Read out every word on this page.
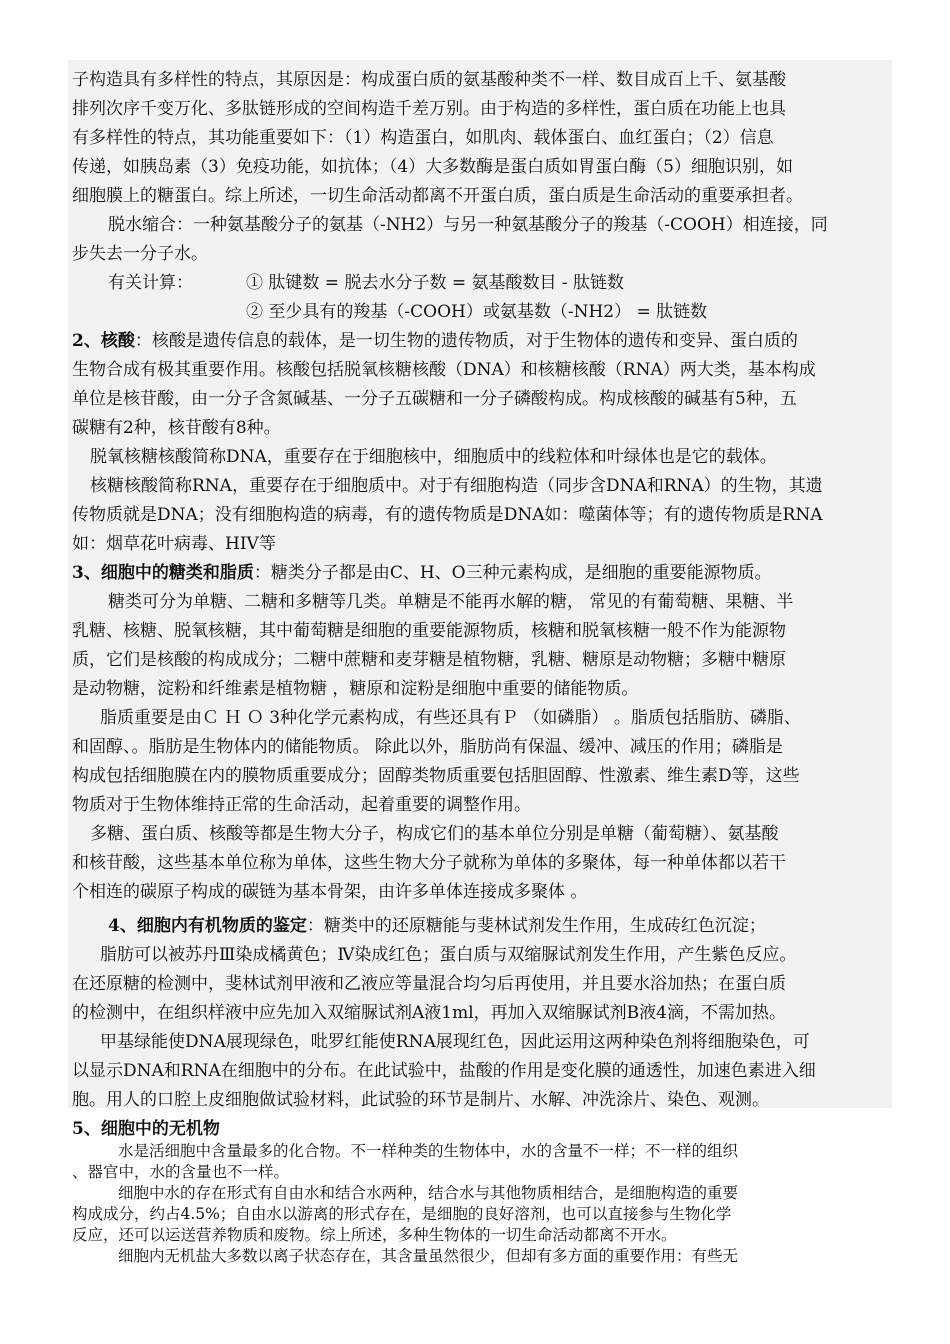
子构造具有多样性的特点，其原因是：构成蛋白质的氨基酸种类不一样、数目成百上千、氨基酸
排列次序千变万化、多肽链形成的空间构造千差万别。由于构造的多样性，蛋白质在功能上也具
有多样性的特点，其功能重要如下：（1）构造蛋白，如肌肉、载体蛋白、血红蛋白；（2）信息
传递，如胰岛素（3）免疫功能，如抗体；（4）大多数酶是蛋白质如胃蛋白酶（5）细胞识别，如
细胞膜上的糖蛋白。综上所述，一切生命活动都离不开蛋白质，蛋白质是生命活动的重要承担者。
脱水缩合：一种氨基酸分子的氨基（-NH2）与另一种氨基酸分子的羧基（-COOH）相连接，同
步失去一分子水。
有关计算：	① 肽键数 = 脱去水分子数 = 氨基酸数目 - 肽链数
② 至少具有的羧基（-COOH）或氨基数（-NH2） = 肽链数
2、核酸：核酸是遗传信息的载体，是一切生物的遗传物质，对于生物体的遗传和变异、蛋白质的
生物合成有极其重要作用。核酸包括脱氧核糖核酸（DNA）和核糖核酸（RNA）两大类，基本构成
单位是核苷酸，由一分子含氮碱基、一分子五碳糖和一分子磷酸构成。构成核酸的碱基有5种，五
碳糖有2种，核苷酸有8种。
脱氧核糖核酸简称DNA，重要存在于细胞核中，细胞质中的线粒体和叶绿体也是它的载体。
核糖核酸简称RNA，重要存在于细胞质中。对于有细胞构造（同步含DNA和RNA）的生物，其遗
传物质就是DNA；没有细胞构造的病毒，有的遗传物质是DNA如：噬菌体等；有的遗传物质是RNA
如：烟草花叶病毒、HIV等
3、细胞中的糖类和脂质：糖类分子都是由C、H、O三种元素构成，是细胞的重要能源物质。
糖类可分为单糖、二糖和多糖等几类。单糖是不能再水解的糖， 常见的有葡萄糖、果糖、半
乳糖、核糖、脱氧核糖，其中葡萄糖是细胞的重要能源物质，核糖和脱氧核糖一般不作为能源物
质，它们是核酸的构成成分；二糖中蔗糖和麦芽糖是植物糖，乳糖、糖原是动物糖；多糖中糖原
是动物糖，淀粉和纤维素是植物糖 ，糖原和淀粉是细胞中重要的储能物质。
脂质重要是由Ｃ Ｈ Ｏ 3种化学元素构成，有些还具有Ｐ （如磷脂） 。脂质包括脂肪、磷脂、
和固醇、。脂肪是生物体内的储能物质。 除此以外，脂肪尚有保温、缓冲、减压的作用；磷脂是
构成包括细胞膜在内的膜物质重要成分；固醇类物质重要包括胆固醇、性激素、维生素D等，这些
物质对于生物体维持正常的生命活动，起着重要的调整作用。
多糖、蛋白质、核酸等都是生物大分子，构成它们的基本单位分别是单糖（葡萄糖）、氨基酸
和核苷酸，这些基本单位称为单体，这些生物大分子就称为单体的多聚体，每一种单体都以若干
个相连的碳原子构成的碳链为基本骨架，由许多单体连接成多聚体 。
4、细胞内有机物质的鉴定：糖类中的还原糖能与斐林试剂发生作用，生成砖红色沉淀；
脂肪可以被苏丹Ⅲ染成橘黄色；Ⅳ染成红色；蛋白质与双缩脲试剂发生作用，产生紫色反应。
在还原糖的检测中，斐林试剂甲液和乙液应等量混合均匀后再使用，并且要水浴加热；在蛋白质
的检测中，在组织样液中应先加入双缩脲试剂A液1ml，再加入双缩脲试剂B液4滴，不需加热。
甲基绿能使DNA展现绿色，吡罗红能使RNA展现红色，因此运用这两种染色剂将细胞染色，可
以显示DNA和RNA在细胞中的分布。在此试验中，盐酸的作用是变化膜的通透性，加速色素进入细
胞。用人的口腔上皮细胞做试验材料，此试验的环节是制片、水解、冲洗涂片、染色、观测。
5、细胞中的无机物
水是活细胞中含量最多的化合物。不一样种类的生物体中，水的含量不一样；不一样的组织
、器官中，水的含量也不一样。
细胞中水的存在形式有自由水和结合水两种，结合水与其他物质相结合，是细胞构造的重要
构成成分，约占4.5%；自由水以游离的形式存在，是细胞的良好溶剂，也可以直接参与生物化学
反应，还可以运送营养物质和废物。综上所述，多种生物体的一切生命活动都离不开水。
细胞内无机盐大多数以离子状态存在，其含量虽然很少，但却有多方面的重要作用：有些无
